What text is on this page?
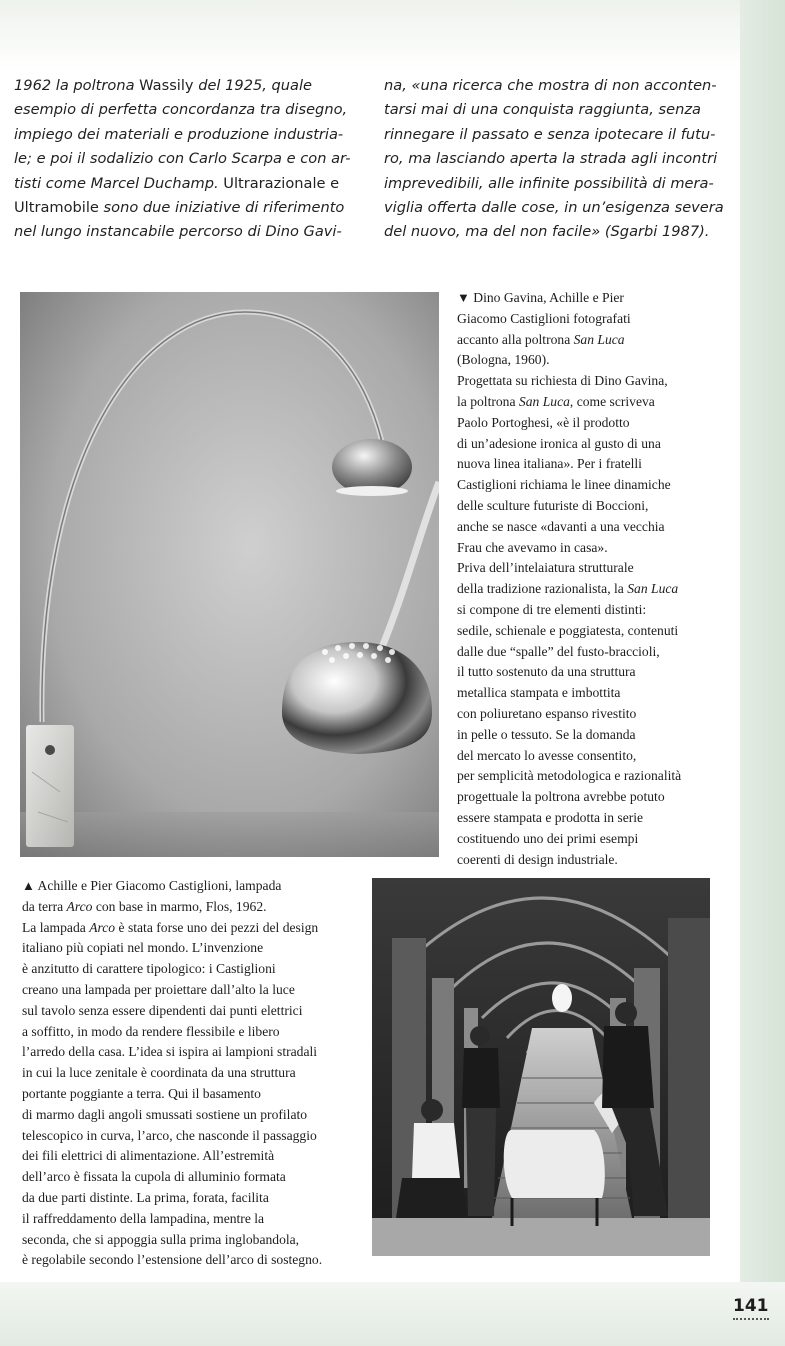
1962 la poltrona Wassily del 1925, quale
esempio di perfetta concordanza tra disegno,
impiego dei materiali e produzione industria-
le; e poi il sodalizio con Carlo Scarpa e con ar-
tisti come Marcel Duchamp. Ultrarazionale e
Ultramobile sono due iniziative di riferimento
nel lungo instancabile percorso di Dino Gavi-
na, «una ricerca che mostra di non acconten-
tarsi mai di una conquista raggiunta, senza
rinnegare il passato e senza ipotecare il futu-
ro, ma lasciando aperta la strada agli incontri
imprevedibili, alle infinite possibilità di mera-
viglia offerta dalle cose, in un’esigenza severa
del nuovo, ma del non facile» (Sgarbi 1987).
▼ Dino Gavina, Achille e Pier
Giacomo Castiglioni fotografati
accanto alla poltrona San Luca
(Bologna, 1960).
Progettata su richiesta di Dino Gavina,
la poltrona San Luca, come scriveva
Paolo Portoghesi, «è il prodotto
di un’adesione ironica al gusto di una
nuova linea italiana». Per i fratelli
Castiglioni richiama le linee dinamiche
delle sculture futuriste di Boccioni,
anche se nasce «davanti a una vecchia
Frau che avevamo in casa».
Priva dell’intelaiatura strutturale
della tradizione razionalista, la San Luca
si compone di tre elementi distinti:
sedile, schienale e poggiatesta, contenuti
dalle due “spalle” del fusto-braccioli,
il tutto sostenuto da una struttura
metallica stampata e imbottita
con poliuretano espanso rivestito
in pelle o tessuto. Se la domanda
del mercato lo avesse consentito,
per semplicità metodologica e razionalità
progettuale la poltrona avrebbe potuto
essere stampata e prodotta in serie
costituendo uno dei primi esempi
coerenti di design industriale.
▲ Achille e Pier Giacomo Castiglioni, lampada
da terra Arco con base in marmo, Flos, 1962.
La lampada Arco è stata forse uno dei pezzi del design
italiano più copiati nel mondo. L’invenzione
è anzitutto di carattere tipologico: i Castiglioni
creano una lampada per proiettare dall’alto la luce
sul tavolo senza essere dipendenti dai punti elettrici
a soffitto, in modo da rendere flessibile e libero
l’arredo della casa. L’idea si ispira ai lampioni stradali
in cui la luce zenitale è coordinata da una struttura
portante poggiante a terra. Qui il basamento
di marmo dagli angoli smussati sostiene un profilato
telescopico in curva, l’arco, che nasconde il passaggio
dei fili elettrici di alimentazione. All’estremità
dell’arco è fissata la cupola di alluminio formata
da due parti distinte. La prima, forata, facilita
il raffreddamento della lampadina, mentre la
seconda, che si appoggia sulla prima inglobandola,
è regolabile secondo l’estensione dell’arco di sostegno.
141
